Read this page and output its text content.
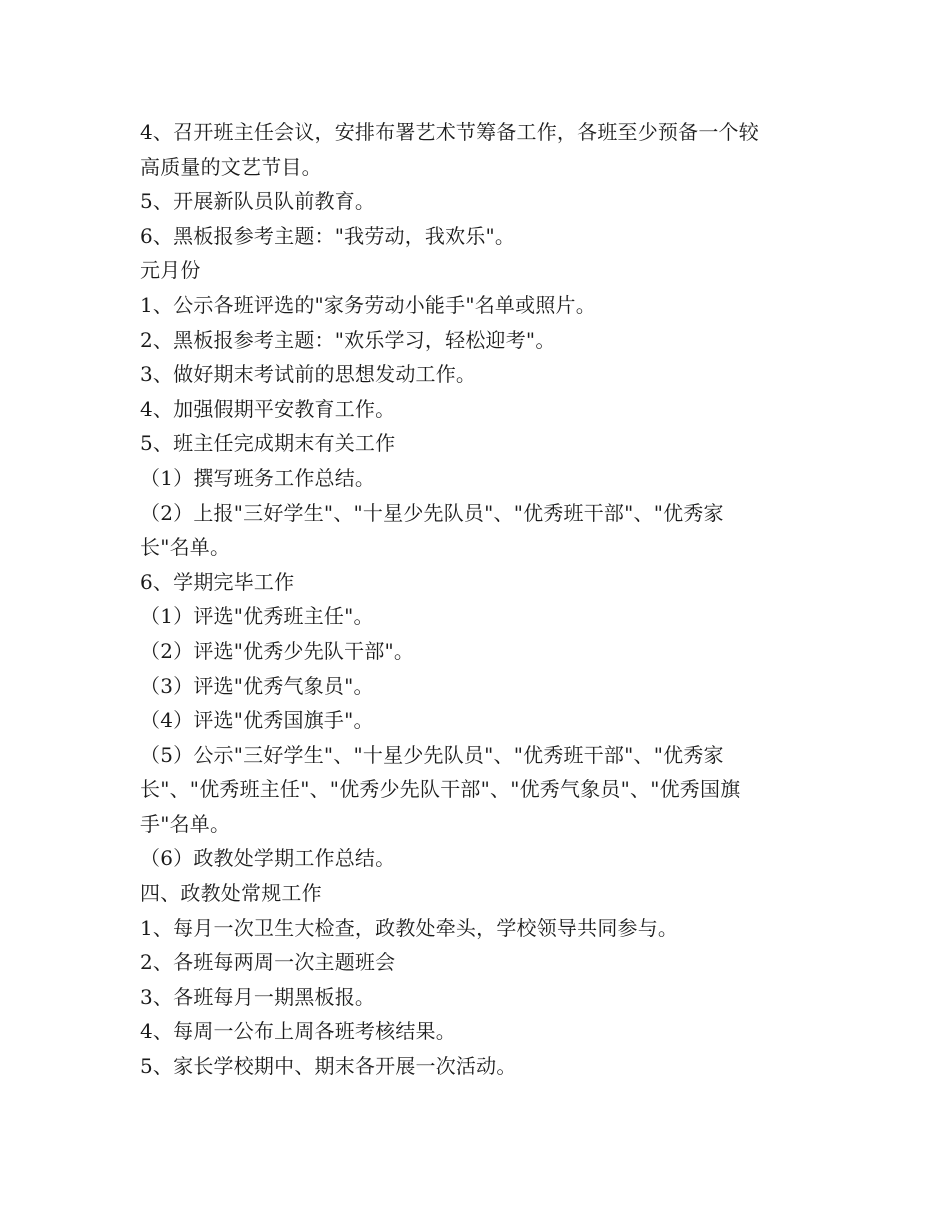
4、召开班主任会议，安排布署艺术节筹备工作，各班至少预备一个较
高质量的文艺节目。
5、开展新队员队前教育。
6、黑板报参考主题："我劳动，我欢乐"。
元月份
1、公示各班评选的"家务劳动小能手"名单或照片。
2、黑板报参考主题："欢乐学习，轻松迎考"。
3、做好期末考试前的思想发动工作。
4、加强假期平安教育工作。
5、班主任完成期末有关工作
（1）撰写班务工作总结。
（2）上报"三好学生"、"十星少先队员"、"优秀班干部"、"优秀家
长"名单。
6、学期完毕工作
（1）评选"优秀班主任"。
（2）评选"优秀少先队干部"。
（3）评选"优秀气象员"。
（4）评选"优秀国旗手"。
（5）公示"三好学生"、"十星少先队员"、"优秀班干部"、"优秀家
长"、"优秀班主任"、"优秀少先队干部"、"优秀气象员"、"优秀国旗
手"名单。
（6）政教处学期工作总结。
四、政教处常规工作
1、每月一次卫生大检查，政教处牵头，学校领导共同参与。
2、各班每两周一次主题班会
3、各班每月一期黑板报。
4、每周一公布上周各班考核结果。
5、家长学校期中、期末各开展一次活动。
